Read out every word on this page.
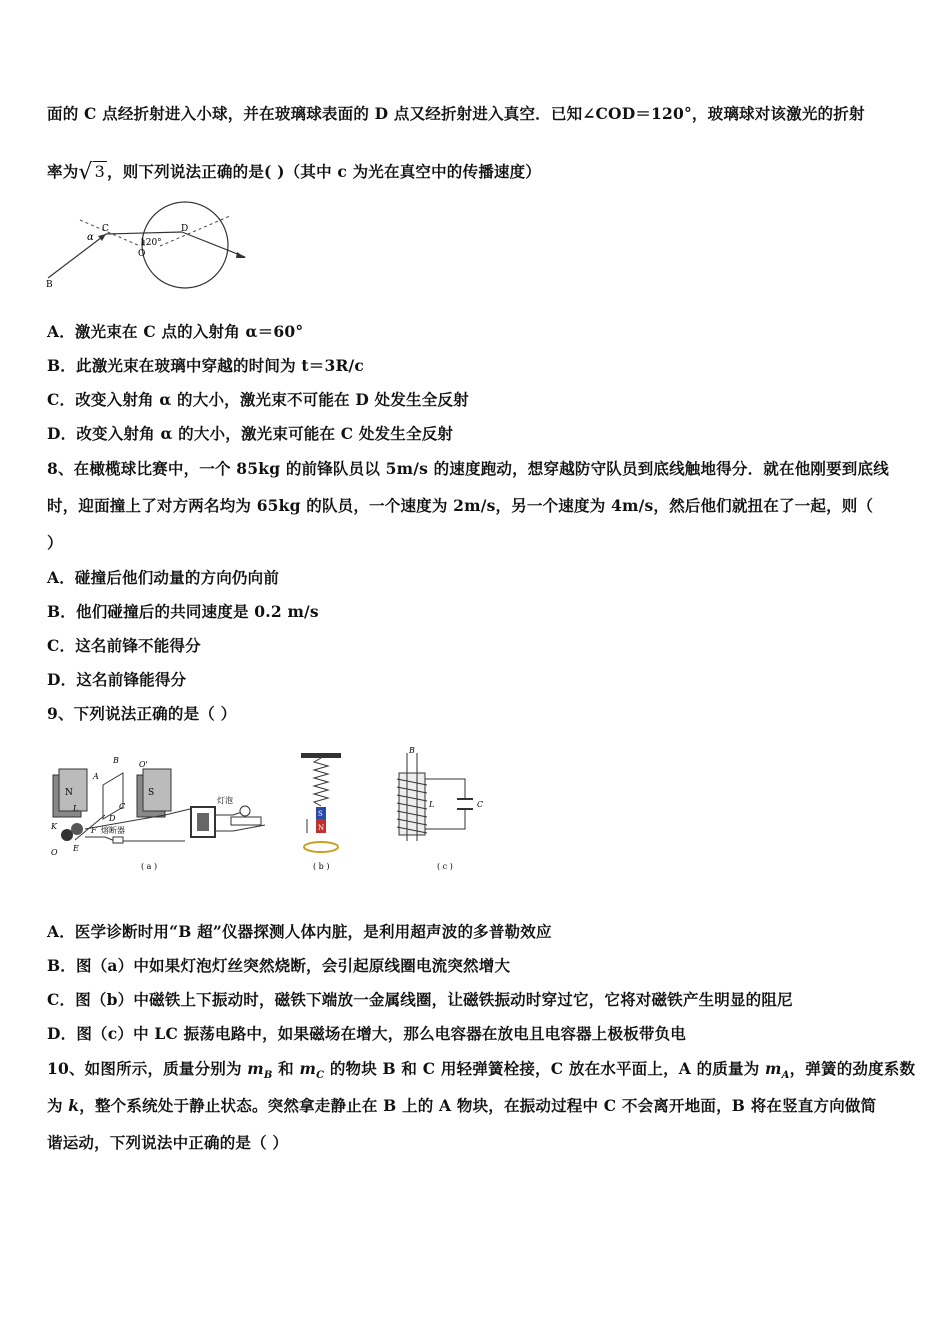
面的 C 点经折射进入小球，并在玻璃球表面的 D 点又经折射进入真空．已知∠COD＝120°，玻璃球对该激光的折射
率为√ 3 ，则下列说法正确的是( )（其中 c 为光在真空中的传播速度）
α
C	D
O
120°
B
A．激光束在 C 点的入射角 α＝60°
B．此激光束在玻璃中穿越的时间为 t＝3R/c
C．改变入射角 α 的大小，激光束不可能在 D 处发生全反射
D．改变入射角 α 的大小，激光束可能在 C 处发生全反射
8、在橄榄球比赛中，一个 85kg 的前锋队员以 5m/s 的速度跑动，想穿越防守队员到底线触地得分．就在他刚要到底线
时，迎面撞上了对方两名均为 65kg 的队员，一个速度为 2m/s，另一个速度为 4m/s，然后他们就扭在了一起，则（
）
A．碰撞后他们动量的方向仍向前
B．他们碰撞后的共同速度是 0.2 m/s
C．这名前锋不能得分
D．这名前锋能得分
9、下列说法正确的是（ ）
N	S
B
A
O'
C
L
D
K	F
E
O
熔断器
灯泡
( a )
S
N
( b )
B
L	C
( c )
A．医学诊断时用“B 超”仪器探测人体内脏，是利用超声波的多普勒效应
B．图（a）中如果灯泡灯丝突然烧断，会引起原线圈电流突然增大
C．图（b）中磁铁上下振动时，磁铁下端放一金属线圈，让磁铁振动时穿过它，它将对磁铁产生明显的阻尼
D．图（c）中 LC 振荡电路中，如果磁场在增大，那么电容器在放电且电容器上极板带负电
10、如图所示，质量分别为 $m_B$ 和 $m_C$ 的物块 B 和 C 用轻弹簧栓接，C 放在水平面上，A 的质量为 $m_A$，弹簧的劲度系数
为 k，整个系统处于静止状态。突然拿走静止在 B 上的 A 物块，在振动过程中 C 不会离开地面，B 将在竖直方向做简
谐运动，下列说法中正确的是（ ）
